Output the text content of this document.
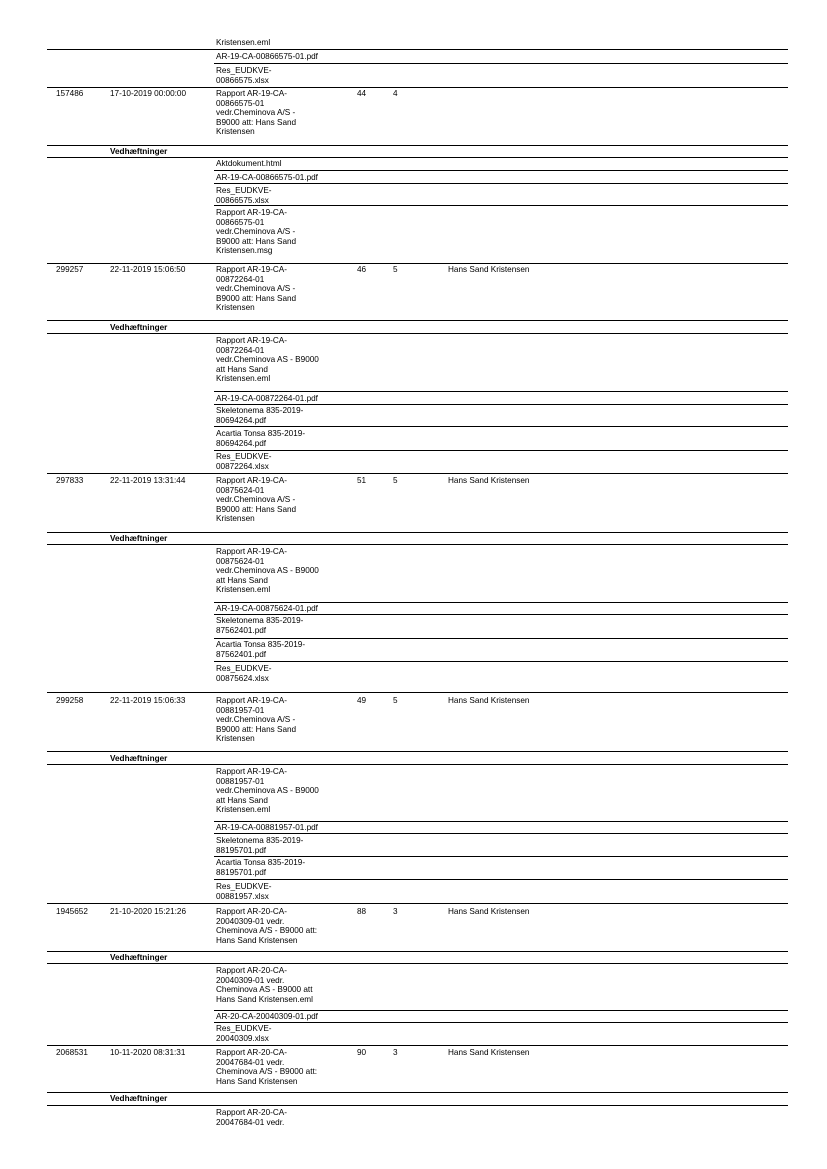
Kristensen.eml
AR-19-CA-00866575-01.pdf
Res_EUDKVE-
00866575.xlsx
157486	17-10-2019 00:00:00	Rapport AR-19-CA-
00866575-01
vedr.Cheminova A/S -
B9000 att: Hans Sand
Kristensen
44	4
Vedhæftninger
Aktdokument.html
AR-19-CA-00866575-01.pdf
Res_EUDKVE-
00866575.xlsx
Rapport AR-19-CA-
00866575-01
vedr.Cheminova A/S -
B9000 att: Hans Sand
Kristensen.msg
299257	22-11-2019 15:06:50	Rapport AR-19-CA-
00872264-01
vedr.Cheminova A/S -
B9000 att: Hans Sand
Kristensen
46	5	Hans Sand Kristensen
Vedhæftninger
Rapport AR-19-CA-
00872264-01
vedr.Cheminova AS - B9000
att Hans Sand
Kristensen.eml
AR-19-CA-00872264-01.pdf
Skeletonema 835-2019-
80694264.pdf
Acartia Tonsa 835-2019-
80694264.pdf
Res_EUDKVE-
00872264.xlsx
297833	22-11-2019 13:31:44	Rapport AR-19-CA-
00875624-01
vedr.Cheminova A/S -
B9000 att: Hans Sand
Kristensen
51	5	Hans Sand Kristensen
Vedhæftninger
Rapport AR-19-CA-
00875624-01
vedr.Cheminova AS - B9000
att Hans Sand
Kristensen.eml
AR-19-CA-00875624-01.pdf
Skeletonema 835-2019-
87562401.pdf
Acartia Tonsa 835-2019-
87562401.pdf
Res_EUDKVE-
00875624.xlsx
299258	22-11-2019 15:06:33	Rapport AR-19-CA-
00881957-01
vedr.Cheminova A/S -
B9000 att: Hans Sand
Kristensen
49	5	Hans Sand Kristensen
Vedhæftninger
Rapport AR-19-CA-
00881957-01
vedr.Cheminova AS - B9000
att Hans Sand
Kristensen.eml
AR-19-CA-00881957-01.pdf
Skeletonema 835-2019-
88195701.pdf
Acartia Tonsa 835-2019-
88195701.pdf
Res_EUDKVE-
00881957.xlsx
1945652	21-10-2020 15:21:26	Rapport AR-20-CA-
20040309-01 vedr.
Cheminova A/S - B9000 att:
Hans Sand Kristensen
88	3	Hans Sand Kristensen
Vedhæftninger
Rapport AR-20-CA-
20040309-01 vedr.
Cheminova AS - B9000 att
Hans Sand Kristensen.eml
AR-20-CA-20040309-01.pdf
Res_EUDKVE-
20040309.xlsx
2068531	10-11-2020 08:31:31	Rapport AR-20-CA-
20047684-01 vedr.
Cheminova A/S - B9000 att:
Hans Sand Kristensen
90	3	Hans Sand Kristensen
Vedhæftninger
Rapport AR-20-CA-
20047684-01 vedr.
